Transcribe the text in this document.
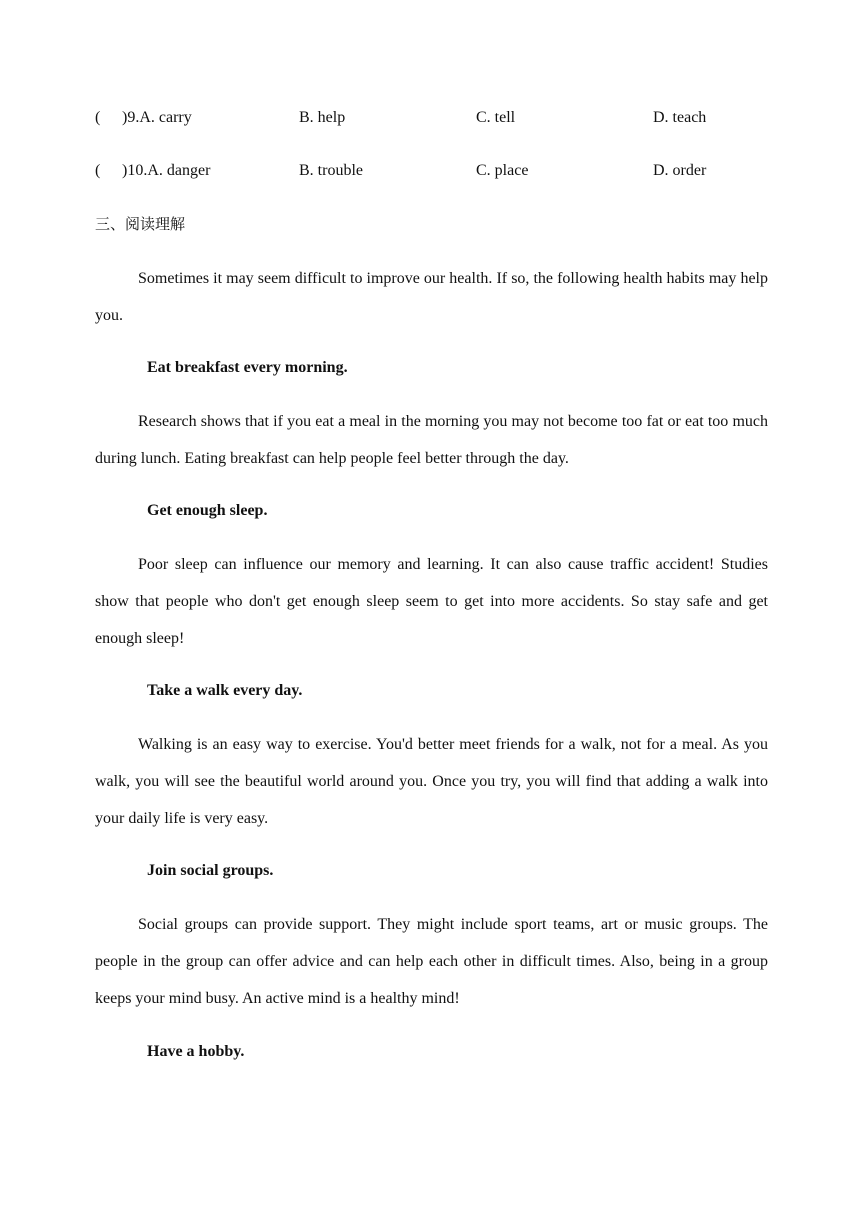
( )9.A. carry	B. help	C. tell	D. teach
( )10.A. danger	B. trouble	C. place	D. order
三、阅读理解

Sometimes it may seem difficult to improve our health. If so, the following health habits may help you.

Eat breakfast every morning.

Research shows that if you eat a meal in the morning you may not become too fat or eat too much during lunch. Eating breakfast can help people feel better through the day.

Get enough sleep.

Poor sleep can influence our memory and learning. It can also cause traffic accident! Studies show that people who don't get enough sleep seem to get into more accidents. So stay safe and get enough sleep!

Take a walk every day.

Walking is an easy way to exercise. You'd better meet friends for a walk, not for a meal. As you walk, you will see the beautiful world around you. Once you try, you will find that adding a walk into your daily life is very easy.

Join social groups.

Social groups can provide support. They might include sport teams, art or music groups. The people in the group can offer advice and can help each other in difficult times. Also, being in a group keeps your mind busy. An active mind is a healthy mind!

Have a hobby.
